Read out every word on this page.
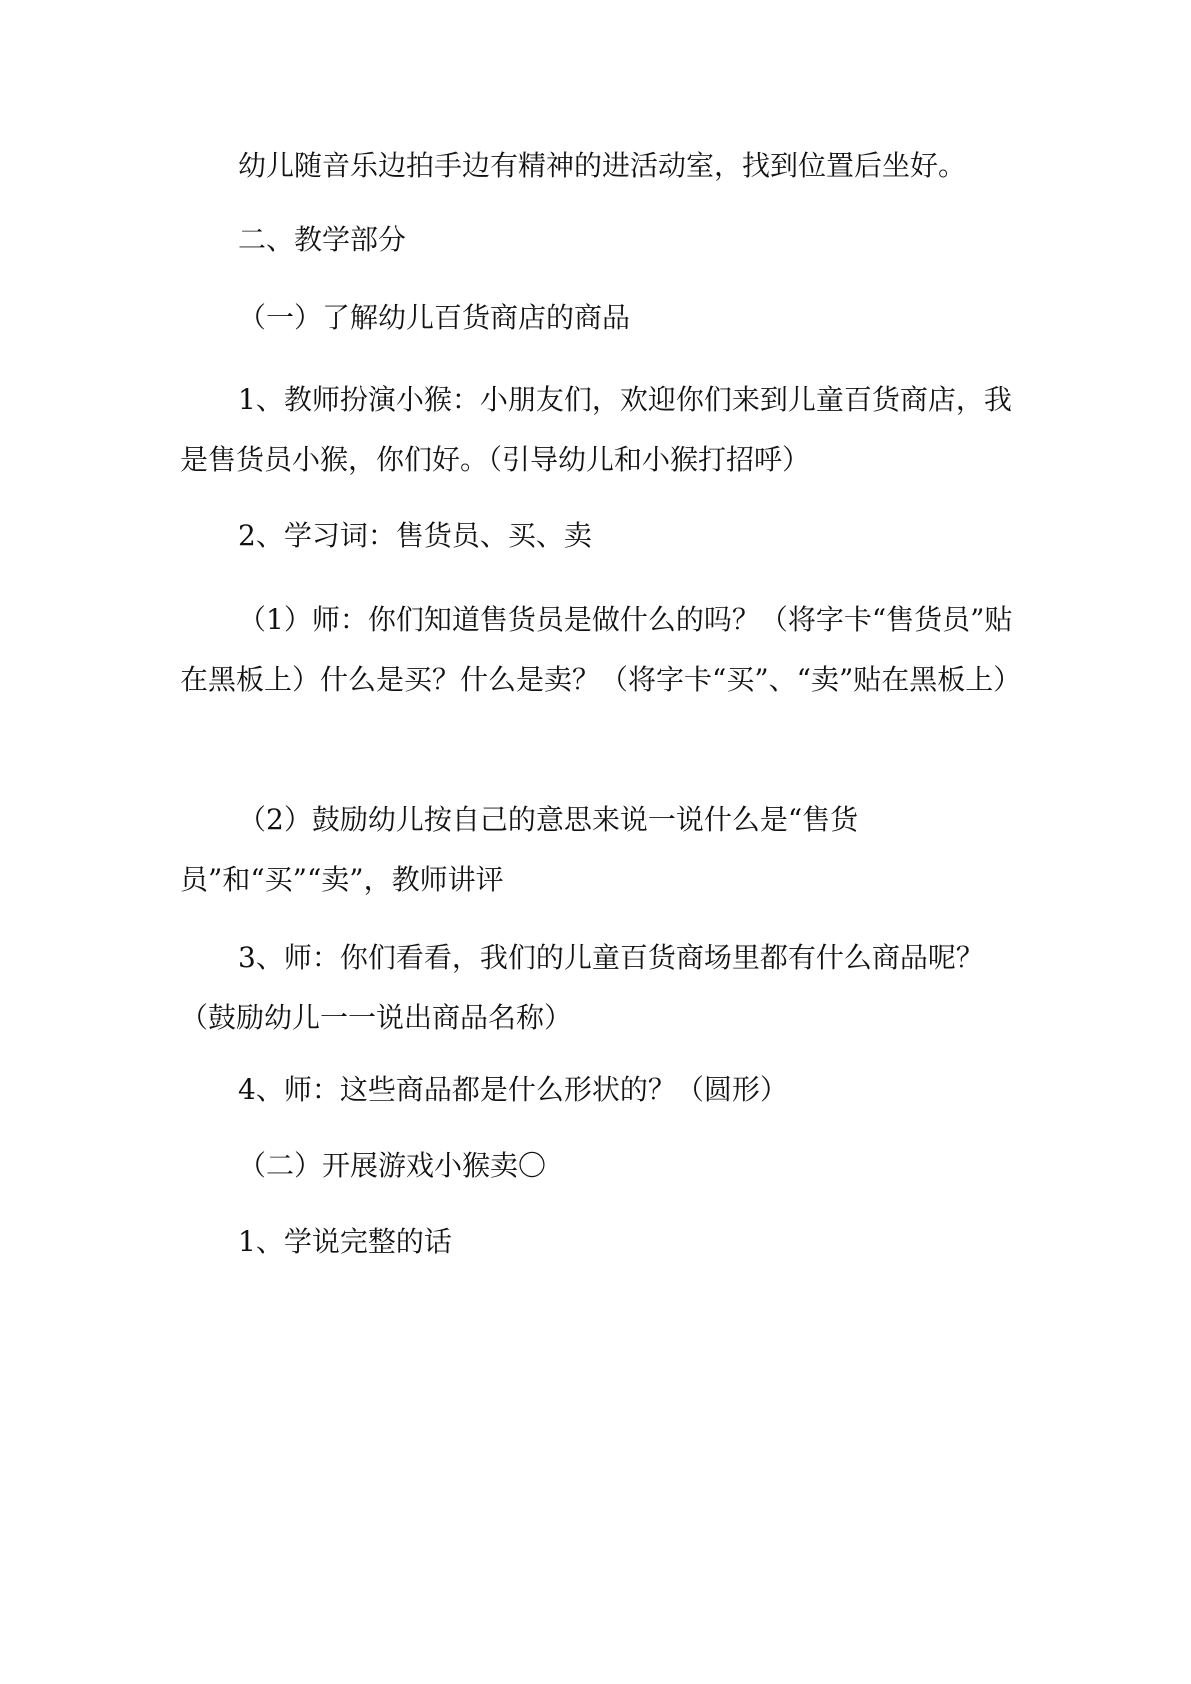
幼儿随音乐边拍手边有精神的进活动室，找到位置后坐好。

二、教学部分

（一）了解幼儿百货商店的商品

1、教师扮演小猴：小朋友们，欢迎你们来到儿童百货商店，我是售货员小猴，你们好。（引导幼儿和小猴打招呼）

2、学习词：售货员、买、卖

（1）师：你们知道售货员是做什么的吗？（将字卡“售货员”贴在黑板上）什么是买？什么是卖？（将字卡“买”、“卖”贴在黑板上）

（2）鼓励幼儿按自己的意思来说一说什么是“售货员”和“买”“卖”，教师讲评

3、师：你们看看，我们的儿童百货商场里都有什么商品呢？（鼓励幼儿一一说出商品名称）

4、师：这些商品都是什么形状的？（圆形）

（二）开展游戏小猴卖〇

1、学说完整的话
